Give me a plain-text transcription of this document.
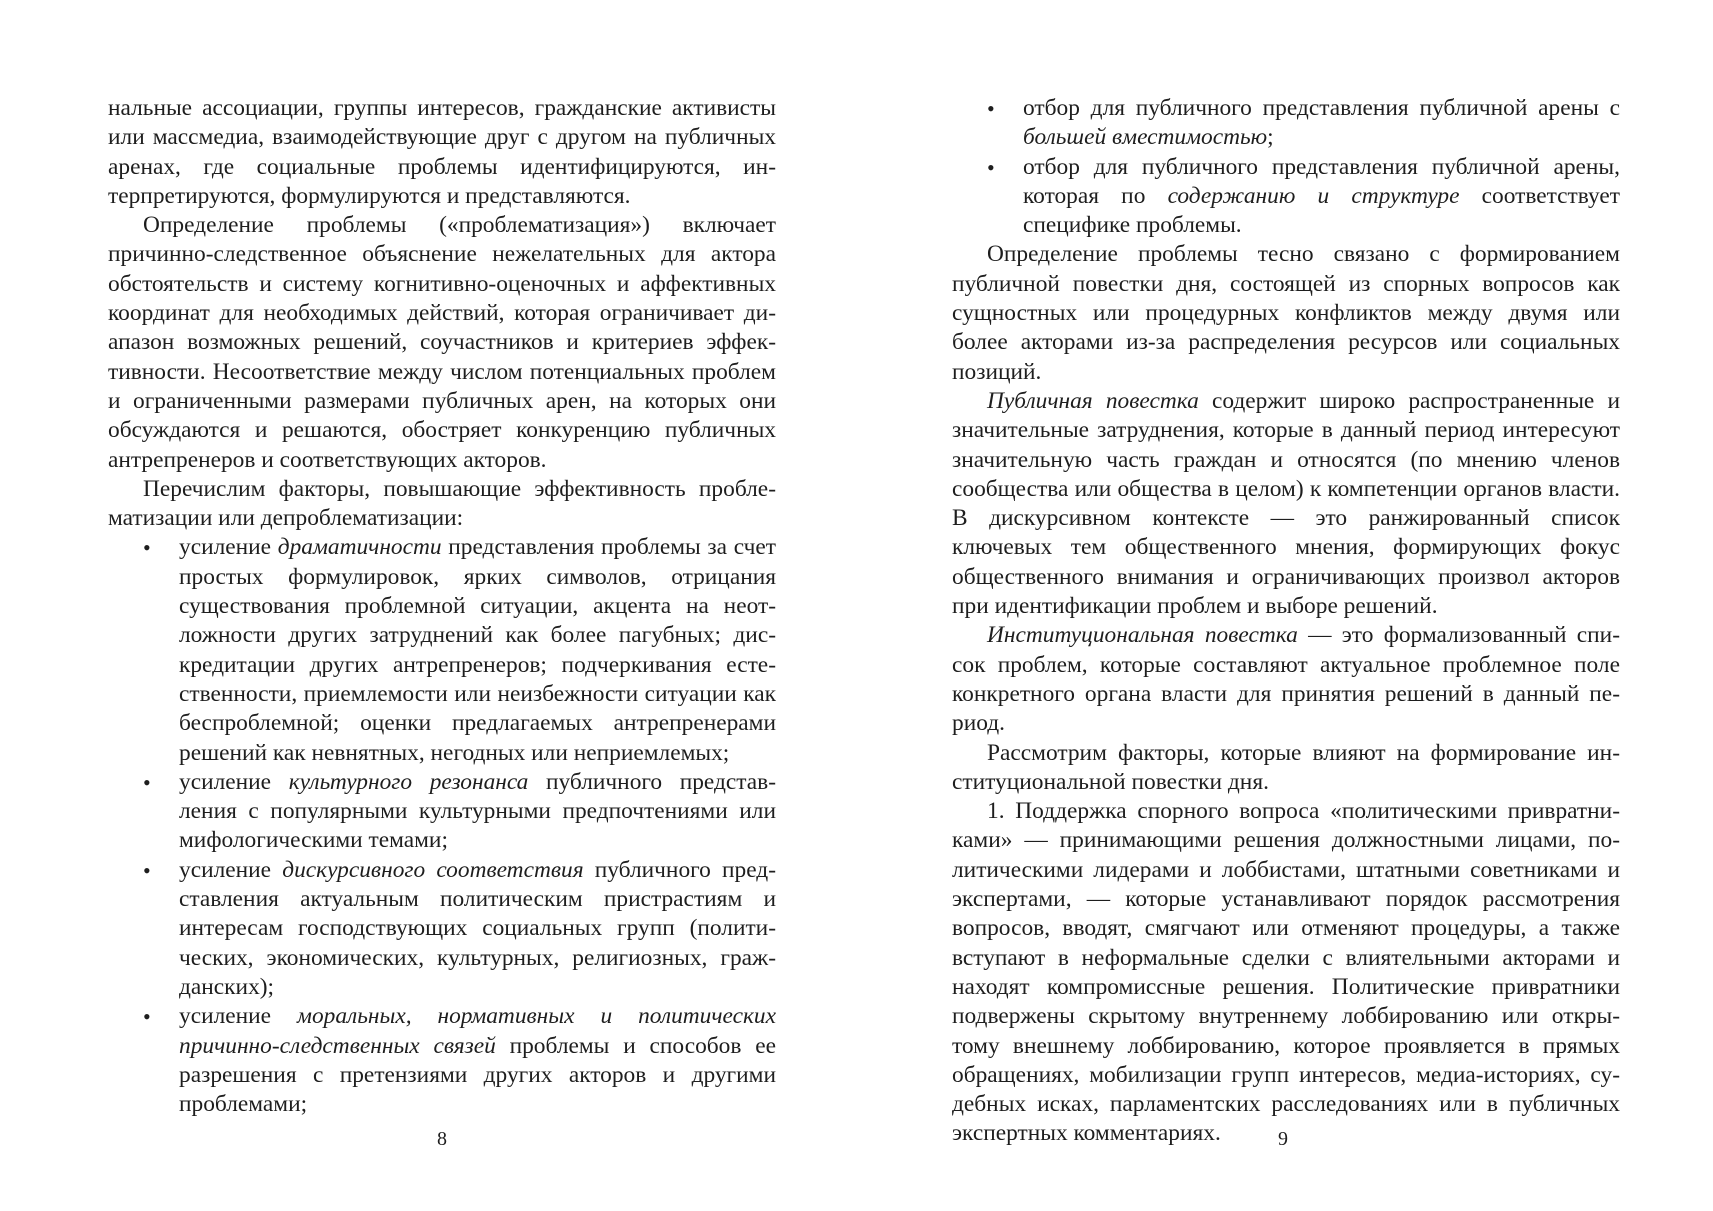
нальные ассоциации, группы интересов, гражданские активисты или массмедиа, взаимодействующие друг с другом на публичных аренах, где социальные проблемы идентифицируются, интерпретируются, формулируются и представляются.

Определение проблемы («проблематизация») включает причинно-следственное объяснение нежелательных для актора обстоятельств и систему когнитивно-оценочных и аффективных координат для необходимых действий, которая ограничивает диапазон возможных решений, соучастников и критериев эффективности. Несоответствие между числом потенциальных проблем и ограниченными размерами публичных арен, на которых они обсуждаются и решаются, обостряет конкуренцию публичных антрепренеров и соответствующих акторов.

Перечислим факторы, повышающие эффективность проблематизации или депроблематизации:

• усиление драматичности представления проблемы за счет простых формулировок, ярких символов, отрицания существования проблемной ситуации, акцента на неотложности других затруднений как более пагубных; дискредитации других антрепренеров; подчеркивания естественности, приемлемости или неизбежности ситуации как беспроблемной; оценки предлагаемых антрепренерами решений как невнятных, негодных или неприемлемых;
• усиление культурного резонанса публичного представления с популярными культурными предпочтениями или мифологическими темами;
• усиление дискурсивного соответствия публичного представления актуальным политическим пристрастиям и интересам господствующих социальных групп (политических, экономических, культурных, религиозных, гражданских);
• усиление моральных, нормативных и политических причинно-следственных связей проблемы и способов ее разрешения с претензиями других акторов и другими проблемами;
8
• отбор для публичного представления публичной арены с большей вместимостью;
• отбор для публичного представления публичной арены, которая по содержанию и структуре соответствует специфике проблемы.

Определение проблемы тесно связано с формированием публичной повестки дня, состоящей из спорных вопросов как сущностных или процедурных конфликтов между двумя или более акторами из-за распределения ресурсов или социальных позиций.

Публичная повестка содержит широко распространенные и значительные затруднения, которые в данный период интересуют значительную часть граждан и относятся (по мнению членов сообщества или общества в целом) к компетенции органов власти. В дискурсивном контексте — это ранжированный список ключевых тем общественного мнения, формирующих фокус общественного внимания и ограничивающих произвол акторов при идентификации проблем и выборе решений.

Институциональная повестка — это формализованный список проблем, которые составляют актуальное проблемное поле конкретного органа власти для принятия решений в данный период.

Рассмотрим факторы, которые влияют на формирование институциональной повестки дня.

1. Поддержка спорного вопроса «политическими привратниками» — принимающими решения должностными лицами, политическими лидерами и лоббистами, штатными советниками и экспертами, — которые устанавливают порядок рассмотрения вопросов, вводят, смягчают или отменяют процедуры, а также вступают в неформальные сделки с влиятельными акторами и находят компромиссные решения. Политические привратники подвержены скрытому внутреннему лоббированию или открытому внешнему лоббированию, которое проявляется в прямых обращениях, мобилизации групп интересов, медиа-историях, судебных исках, парламентских расследованиях или в публичных экспертных комментариях.	9
